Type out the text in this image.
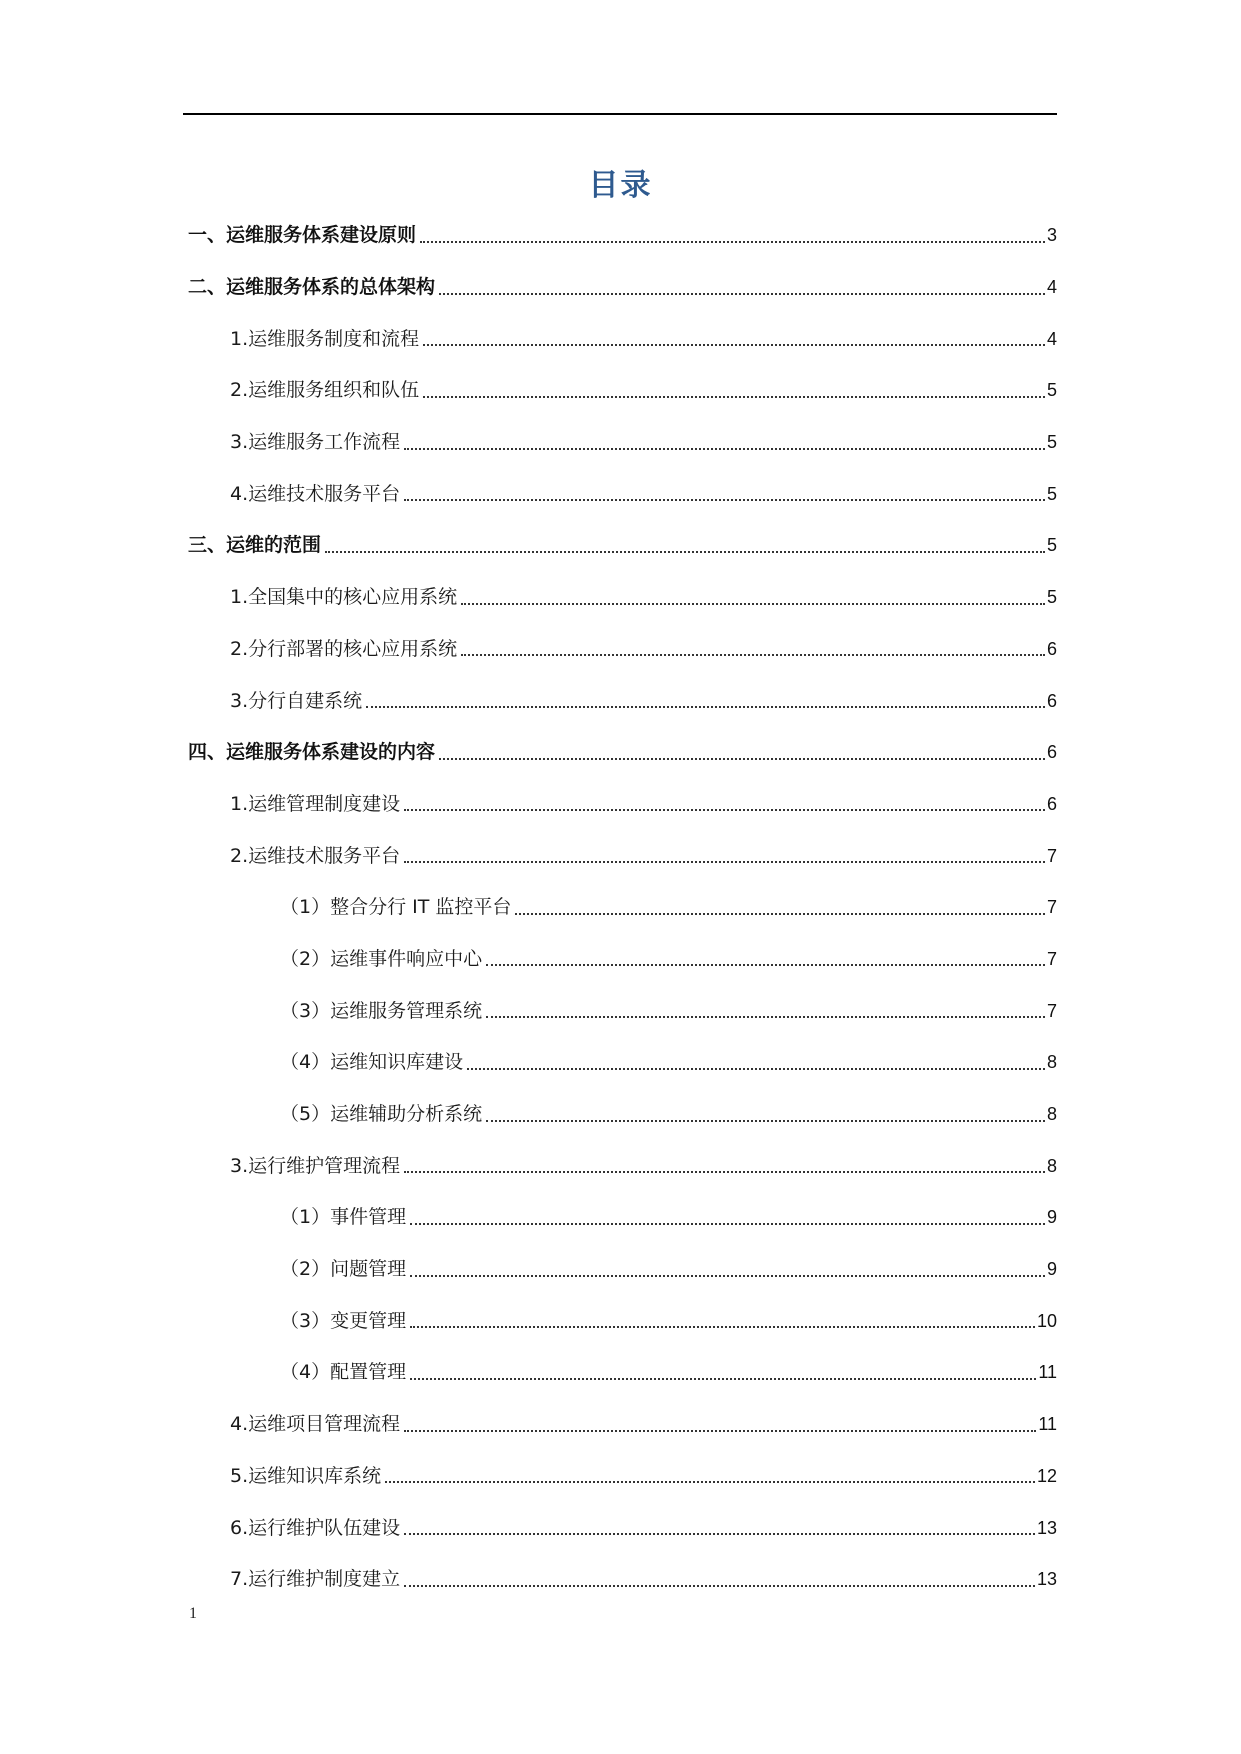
目录
一、运维服务体系建设原则	3
二、运维服务体系的总体架构	4
1.运维服务制度和流程	4
2.运维服务组织和队伍	5
3.运维服务工作流程	5
4.运维技术服务平台	5
三、运维的范围	5
1.全国集中的核心应用系统	5
2.分行部署的核心应用系统	6
3.分行自建系统	6
四、运维服务体系建设的内容	6
1.运维管理制度建设	6
2.运维技术服务平台	7
（1）整合分行 IT 监控平台	7
（2）运维事件响应中心	7
（3）运维服务管理系统	7
（4）运维知识库建设	8
（5）运维辅助分析系统	8
3.运行维护管理流程	8
（1）事件管理	9
（2）问题管理	9
（3）变更管理	10
（4）配置管理	11
4.运维项目管理流程	11
5.运维知识库系统	12
6.运行维护队伍建设	13
7.运行维护制度建立	13
1
